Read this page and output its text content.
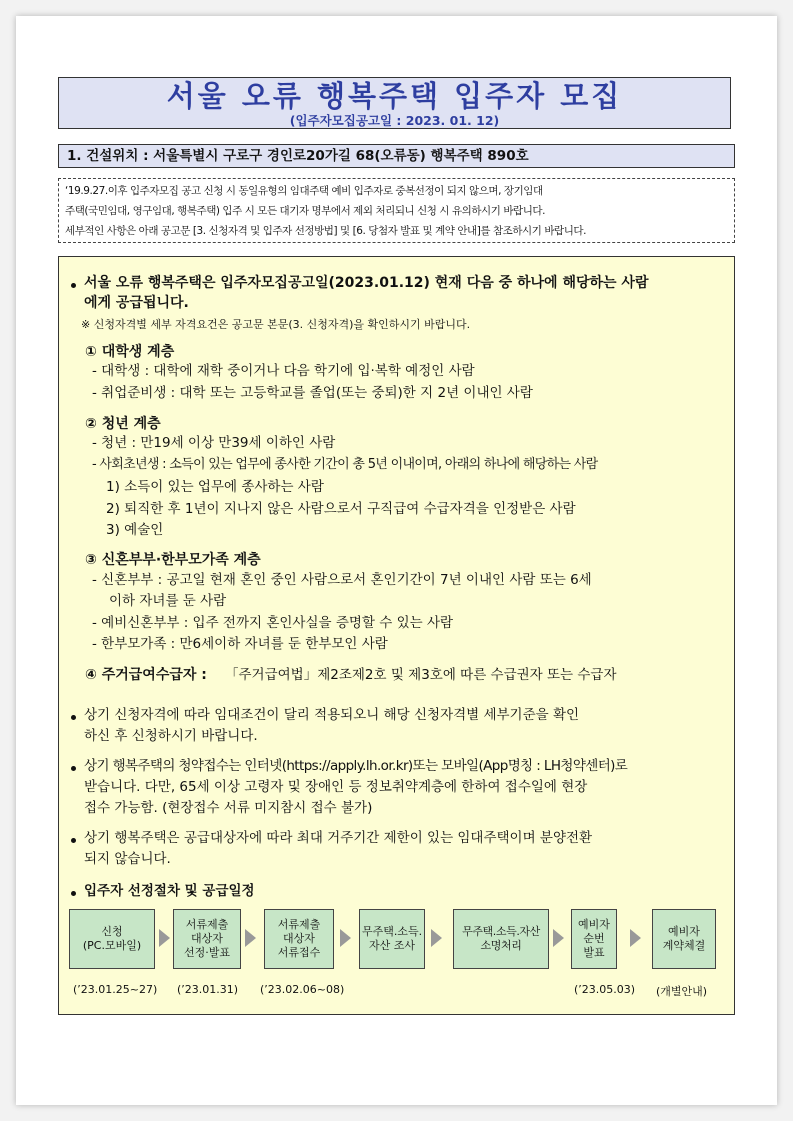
서울 오류 행복주택 입주자 모집
(입주자모집공고일 : 2023. 01. 12)
1. 건설위치 : 서울특별시 구로구 경인로20가길 68(오류동) 행복주택 890호
‘19.9.27.이후 입주자모집 공고 신청 시 동일유형의 임대주택 예비 입주자로 중복선정이 되지 않으며, 장기임대
주택(국민임대, 영구임대, 행복주택) 입주 시 모든 대기자 명부에서 제외 처리되니 신청 시 유의하시기 바랍니다.
세부적인 사항은 아래 공고문 [3. 신청자격 및 입주자 선정방법] 및 [6. 당첨자 발표 및 계약 안내]를 참조하시기 바랍니다.
서울 오류 행복주택은 입주자모집공고일(2023.01.12) 현재 다음 중 하나에 해당하는 사람
에게 공급됩니다.
※ 신청자격별 세부 자격요건은 공고문 본문(3. 신청자격)을 확인하시기 바랍니다.
① 대학생 계층
- 대학생 : 대학에 재학 중이거나 다음 학기에 입·복학 예정인 사람
- 취업준비생 : 대학 또는 고등학교를 졸업(또는 중퇴)한 지 2년 이내인 사람
② 청년 계층
- 청년 : 만19세 이상 만39세 이하인 사람
- 사회초년생 : 소득이 있는 업무에 종사한 기간이 총 5년 이내이며, 아래의 하나에 해당하는 사람
1) 소득이 있는 업무에 종사하는 사람
2) 퇴직한 후 1년이 지나지 않은 사람으로서 구직급여 수급자격을 인정받은 사람
3) 예술인
③ 신혼부부·한부모가족 계층
- 신혼부부 : 공고일 현재 혼인 중인 사람으로서 혼인기간이 7년 이내인 사람 또는 6세
이하 자녀를 둔 사람
- 예비신혼부부 : 입주 전까지 혼인사실을 증명할 수 있는 사람
- 한부모가족 : 만6세이하 자녀를 둔 한부모인 사람
④ 주거급여수급자 : 「주거급여법」제2조제2호 및 제3호에 따른 수급권자 또는 수급자
상기 신청자격에 따라 임대조건이 달리 적용되오니 해당 신청자격별 세부기준을 확인
하신 후 신청하시기 바랍니다.
상기 행복주택의 청약접수는 인터넷(https://apply.lh.or.kr)또는 모바일(App명칭 : LH청약센터)로
받습니다. 다만, 65세 이상 고령자 및 장애인 등 정보취약계층에 한하여 접수일에 현장
접수 가능함. (현장접수 서류 미지참시 접수 불가)
상기 행복주택은 공급대상자에 따라 최대 거주기간 제한이 있는 임대주택이며 분양전환
되지 않습니다.
입주자 선정절차 및 공급일정
신청
(PC.모바일)
서류제출
대상자
선정·발표
서류제출
대상자
서류접수
무주택.소득.
자산 조사
무주택.소득.자산
소명처리
예비자
순번
발표
예비자
계약체결
(’23.01.25~27) (’23.01.31) (’23.02.06~08)	(’23.05.03) (개별안내)
